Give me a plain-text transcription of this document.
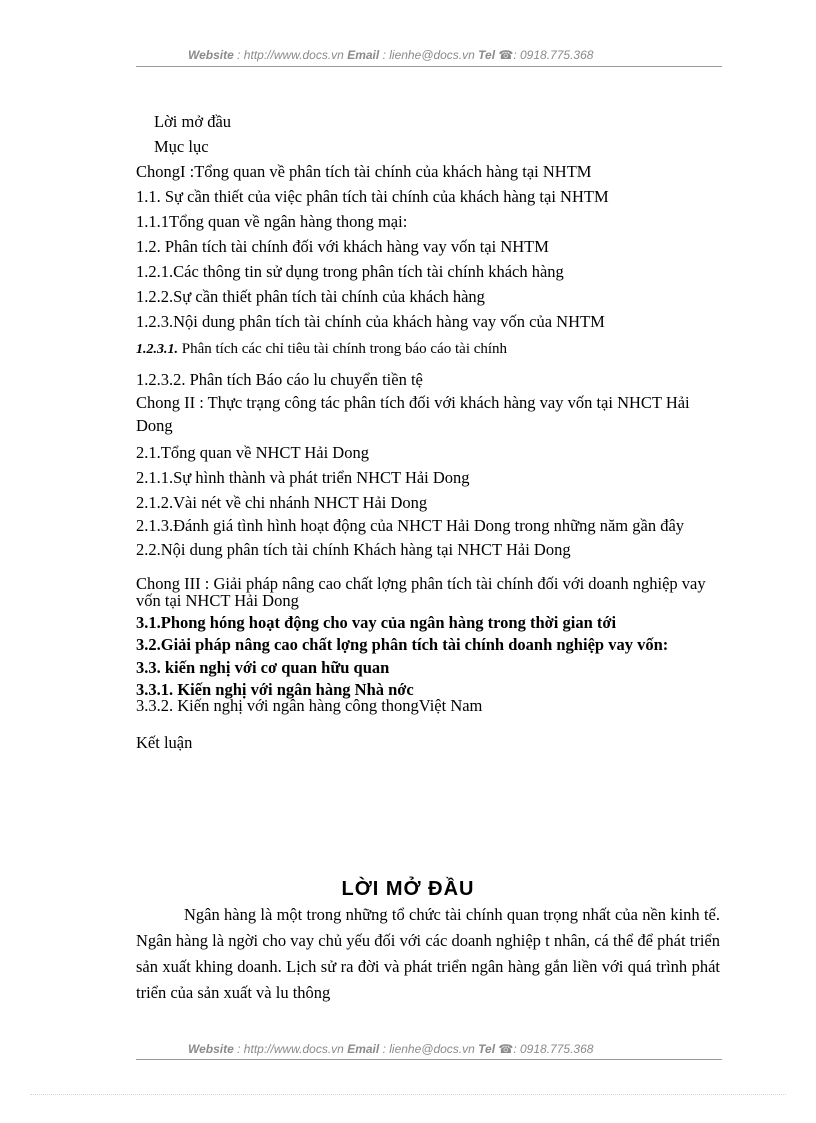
Website : http://www.docs.vn Email : lienhe@docs.vn Tel ☎: 0918.775.368
Lời mở đầu
Mục lục
ChongI :Tổng quan về phân tích tài chính của khách hàng tại NHTM
1.1. Sự cần thiết của việc phân tích tài chính của khách hàng tại NHTM
1.1.1Tổng quan về ngân hàng thong mại:
1.2. Phân tích tài chính đối với khách hàng vay vốn tại NHTM
1.2.1.Các thông tin sử dụng trong phân tích tài chính khách hàng
1.2.2.Sự cần thiết phân tích tài chính của khách hàng
1.2.3.Nội dung phân tích tài chính của khách hàng vay vốn của NHTM
1.2.3.1. Phân tích các chỉ tiêu tài chính trong báo cáo tài chính
1.2.3.2. Phân tích Báo cáo lu chuyển tiền tệ
Chong II : Thực trạng công tác phân tích đối với khách hàng vay vốn tại NHCT Hải Dong
2.1.Tổng quan về NHCT Hải Dong
2.1.1.Sự hình thành và phát triển NHCT Hải Dong
2.1.2.Vài nét về chi nhánh NHCT Hải Dong
2.1.3.Đánh giá tình hình hoạt động của NHCT Hải Dong trong những năm gần đây
2.2.Nội dung phân tích tài chính Khách hàng tại NHCT Hải Dong
Chong III : Giải pháp nâng cao chất lợng phân tích tài chính đối với doanh nghiệp vay vốn tại NHCT Hải Dong
3.1.Phong hóng hoạt động cho vay của ngân hàng trong thời gian tới
3.2.Giải pháp nâng cao chất lợng phân tích tài chính doanh nghiệp vay vốn:
3.3. kiến nghị với cơ quan hữu quan
3.3.1. Kiến nghị với ngân hàng Nhà nớc
3.3.2. Kiến nghị với ngân hàng công thongViệt Nam
Kết luận
LỜI MỞ ĐẦU

Ngân hàng là một trong những tổ chức tài chính quan trọng nhất của nền kinh tế. Ngân hàng là ngời cho vay chủ yếu đối với các doanh nghiệp t nhân, cá thể để phát triển sản xuất khing doanh. Lịch sử ra đời và phát triển ngân hàng gắn liền với quá trình phát triển của sản xuất và lu thông

Website : http://www.docs.vn Email : lienhe@docs.vn Tel ☎: 0918.775.368
